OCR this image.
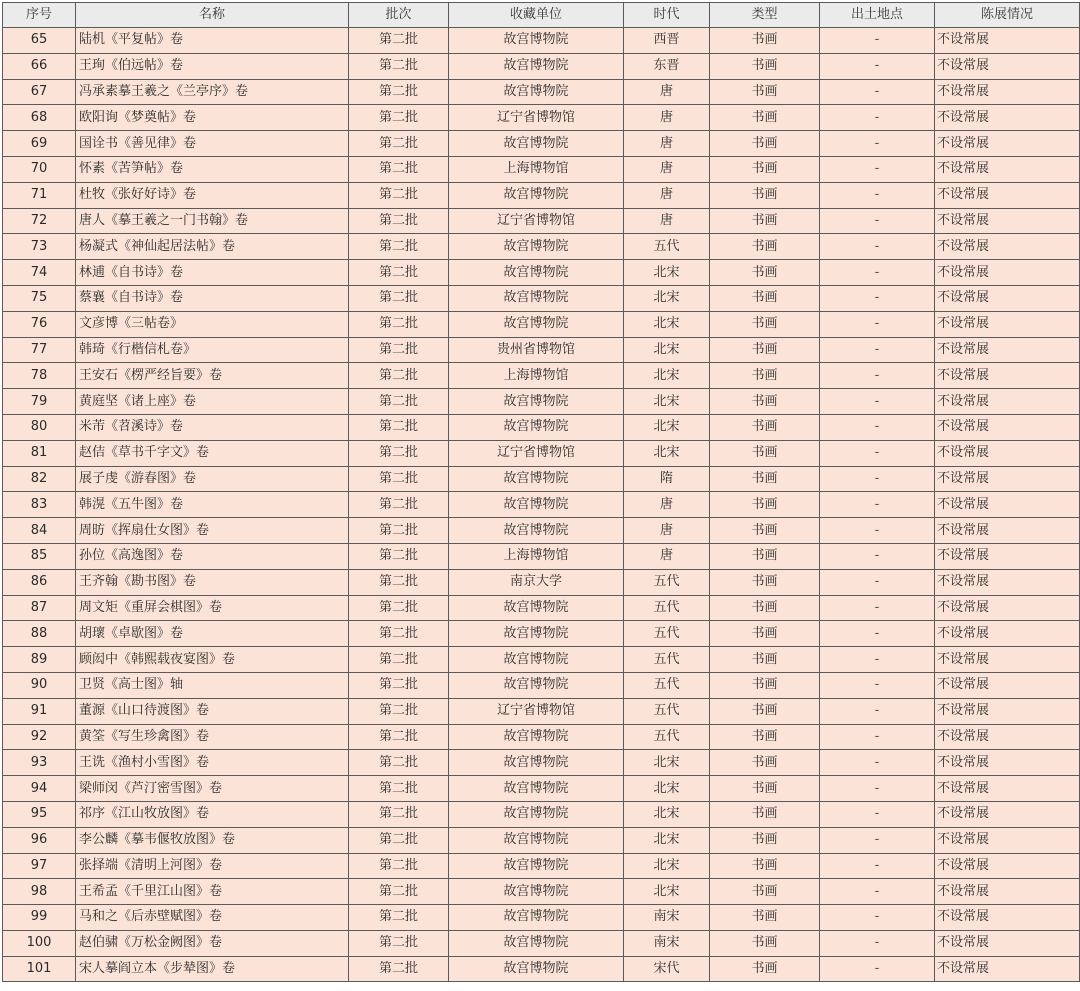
序号	名称	批次	收藏单位	时代	类型	出土地点	陈展情况
65	陆机《平复帖》卷	第二批	故宫博物院	西晋	书画	-	不设常展
66	王珣《伯远帖》卷	第二批	故宫博物院	东晋	书画	-	不设常展
67	冯承素摹王羲之《兰亭序》卷	第二批	故宫博物院	唐	书画	-	不设常展
68	欧阳询《梦奠帖》卷	第二批	辽宁省博物馆	唐	书画	-	不设常展
69	国诠书《善见律》卷	第二批	故宫博物院	唐	书画	-	不设常展
70	怀素《苦笋帖》卷	第二批	上海博物馆	唐	书画	-	不设常展
71	杜牧《张好好诗》卷	第二批	故宫博物院	唐	书画	-	不设常展
72	唐人《摹王羲之一门书翰》卷	第二批	辽宁省博物馆	唐	书画	-	不设常展
73	杨凝式《神仙起居法帖》卷	第二批	故宫博物院	五代	书画	-	不设常展
74	林逋《自书诗》卷	第二批	故宫博物院	北宋	书画	-	不设常展
75	蔡襄《自书诗》卷	第二批	故宫博物院	北宋	书画	-	不设常展
76	文彦博《三帖卷》	第二批	故宫博物院	北宋	书画	-	不设常展
77	韩琦《行楷信札卷》	第二批	贵州省博物馆	北宋	书画	-	不设常展
78	王安石《楞严经旨要》卷	第二批	上海博物馆	北宋	书画	-	不设常展
79	黄庭坚《诸上座》卷	第二批	故宫博物院	北宋	书画	-	不设常展
80	米芾《苕溪诗》卷	第二批	故宫博物院	北宋	书画	-	不设常展
81	赵佶《草书千字文》卷	第二批	辽宁省博物馆	北宋	书画	-	不设常展
82	展子虔《游春图》卷	第二批	故宫博物院	隋	书画	-	不设常展
83	韩滉《五牛图》卷	第二批	故宫博物院	唐	书画	-	不设常展
84	周昉《挥扇仕女图》卷	第二批	故宫博物院	唐	书画	-	不设常展
85	孙位《高逸图》卷	第二批	上海博物馆	唐	书画	-	不设常展
86	王齐翰《勘书图》卷	第二批	南京大学	五代	书画	-	不设常展
87	周文矩《重屏会棋图》卷	第二批	故宫博物院	五代	书画	-	不设常展
88	胡瓌《卓歇图》卷	第二批	故宫博物院	五代	书画	-	不设常展
89	顾闳中《韩熙载夜宴图》卷	第二批	故宫博物院	五代	书画	-	不设常展
90	卫贤《高士图》轴	第二批	故宫博物院	五代	书画	-	不设常展
91	董源《山口待渡图》卷	第二批	辽宁省博物馆	五代	书画	-	不设常展
92	黄筌《写生珍禽图》卷	第二批	故宫博物院	五代	书画	-	不设常展
93	王诜《渔村小雪图》卷	第二批	故宫博物院	北宋	书画	-	不设常展
94	梁师闵《芦汀密雪图》卷	第二批	故宫博物院	北宋	书画	-	不设常展
95	祁序《江山牧放图》卷	第二批	故宫博物院	北宋	书画	-	不设常展
96	李公麟《摹韦偃牧放图》卷	第二批	故宫博物院	北宋	书画	-	不设常展
97	张择端《清明上河图》卷	第二批	故宫博物院	北宋	书画	-	不设常展
98	王希孟《千里江山图》卷	第二批	故宫博物院	北宋	书画	-	不设常展
99	马和之《后赤壁赋图》卷	第二批	故宫博物院	南宋	书画	-	不设常展
100	赵伯骕《万松金阙图》卷	第二批	故宫博物院	南宋	书画	-	不设常展
101	宋人摹阎立本《步辇图》卷	第二批	故宫博物院	宋代	书画	-	不设常展
